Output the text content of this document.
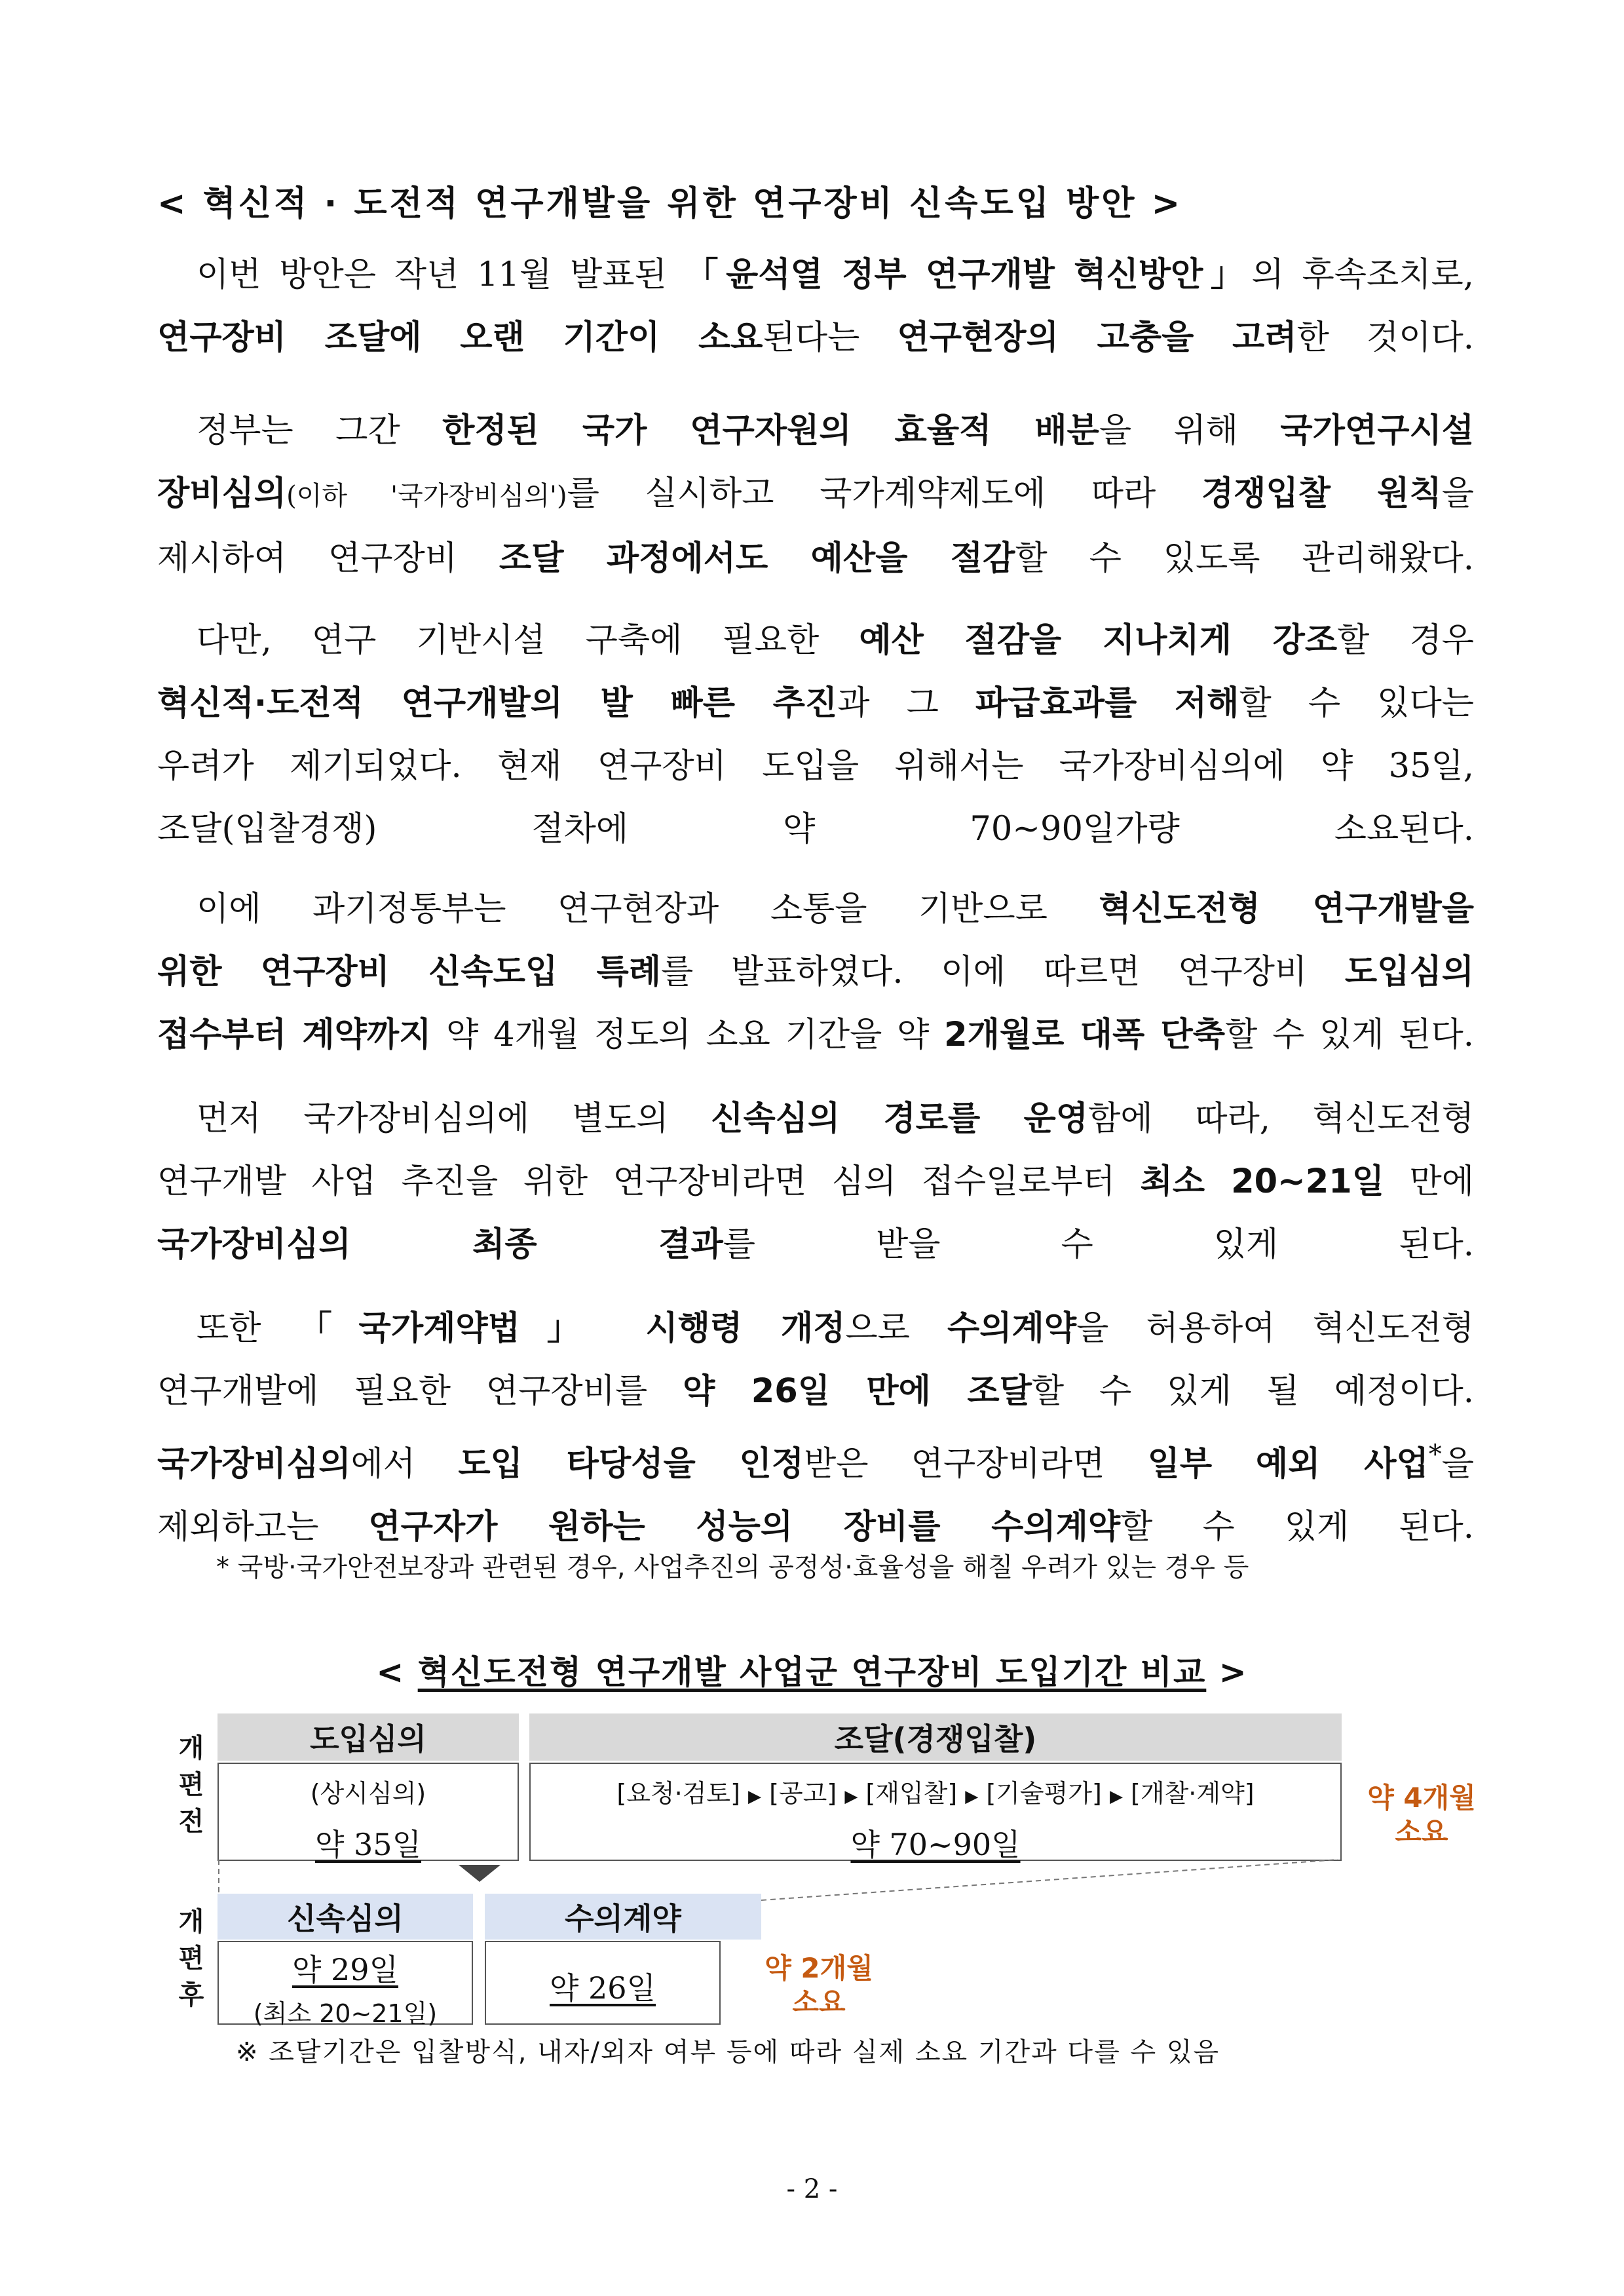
< 혁신적 · 도전적 연구개발을 위한 연구장비 신속도입 방안 >
이번 방안은 작년 11월 발표된 「윤석열 정부 연구개발 혁신방안」의 후속조치로,
연구장비 조달에 오랜 기간이 소요된다는 연구현장의 고충을 고려한 것이다.
정부는 그간 한정된 국가 연구자원의 효율적 배분을 위해 국가연구시설
장비심의(이하 '국가장비심의')를 실시하고 국가계약제도에 따라 경쟁입찰 원칙을
제시하여 연구장비 조달 과정에서도 예산을 절감할 수 있도록 관리해왔다.
다만, 연구 기반시설 구축에 필요한 예산 절감을 지나치게 강조할 경우
혁신적·도전적 연구개발의 발 빠른 추진과 그 파급효과를 저해할 수 있다는
우려가 제기되었다. 현재 연구장비 도입을 위해서는 국가장비심의에 약 35일,
조달(입찰경쟁) 절차에 약 70~90일가량 소요된다.
이에 과기정통부는 연구현장과 소통을 기반으로 혁신도전형 연구개발을
위한 연구장비 신속도입 특례를 발표하였다. 이에 따르면 연구장비 도입심의
접수부터 계약까지 약 4개월 정도의 소요 기간을 약 2개월로 대폭 단축할 수 있게 된다.
먼저 국가장비심의에 별도의 신속심의 경로를 운영함에 따라, 혁신도전형
연구개발 사업 추진을 위한 연구장비라면 심의 접수일로부터 최소 20~21일 만에
국가장비심의 최종 결과를 받을 수 있게 된다.
또한 「국가계약법」 시행령 개정으로 수의계약을 허용하여 혁신도전형
연구개발에 필요한 연구장비를 약 26일 만에 조달할 수 있게 될 예정이다.
국가장비심의에서 도입 타당성을 인정받은 연구장비라면 일부 예외 사업*을
제외하고는 연구자가 원하는 성능의 장비를 수의계약할 수 있게 된다.
* 국방·국가안전보장과 관련된 경우, 사업추진의 공정성·효율성을 해칠 우려가 있는 경우 등
< 혁신도전형 연구개발 사업군 연구장비 도입기간 비교 >
개
편
전
개
편
후
도입심의
(상시심의)
약 35일
조달(경쟁입찰)
[요청·검토] ▶ [공고] ▶ [재입찰] ▶ [기술평가] ▶ [개찰·계약]
약 70~90일
약 4개월
소요
신속심의
약 29일
(최소 20~21일)
수의계약
약 26일
약 2개월
소요
※ 조달기간은 입찰방식, 내자/외자 여부 등에 따라 실제 소요 기간과 다를 수 있음
- 2 -
